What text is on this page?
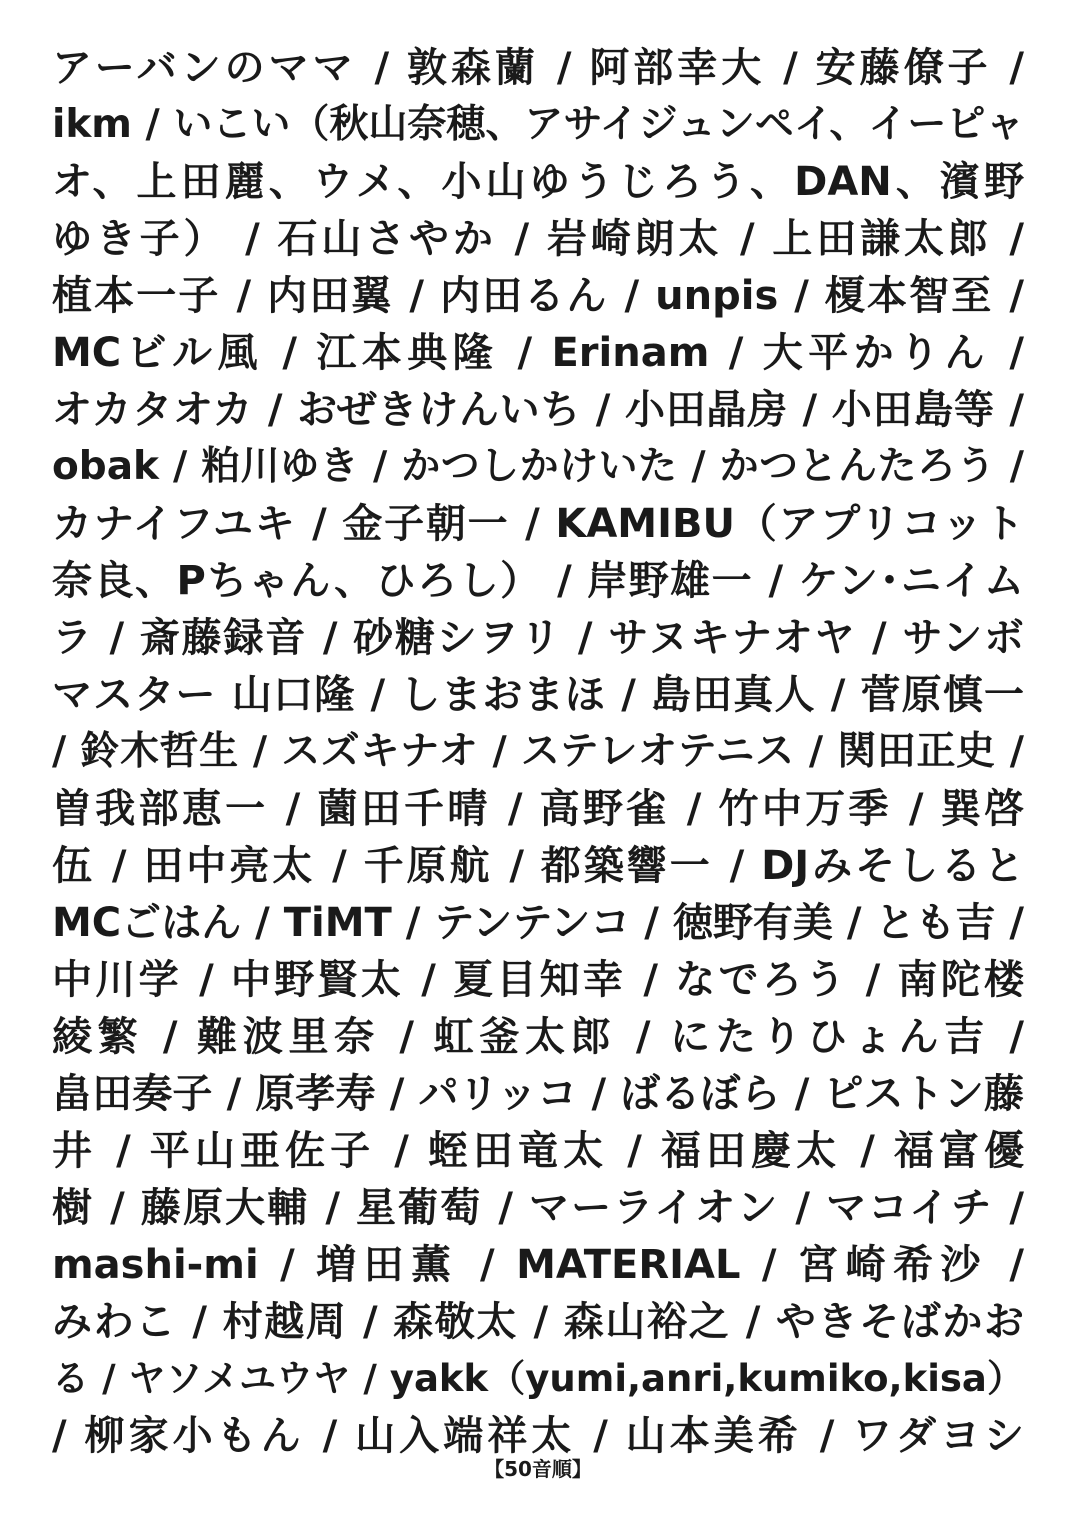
アーバンのママ / 敦森蘭 / 阿部幸大 / 安藤僚子 /
ikm / いこい（秋山奈穂、アサイジュンペイ、イーピャ
オ、上田麗、ウメ、小山ゆうじろう、DAN、濱野
ゆき子） / 石山さやか / 岩崎朗太 / 上田謙太郎 /
植本一子 / 内田翼 / 内田るん / unpis / 榎本智至 /
MCビル風 / 江本典隆 / Erinam / 大平かりん /
オカタオカ / おぜきけんいち / 小田晶房 / 小田島等 /
obak / 粕川ゆき / かつしかけいた / かつとんたろう /
カナイフユキ / 金子朝一 / KAMIBU（アプリコット
奈良、Pちゃん、ひろし） / 岸野雄一 / ケン･ニイム
ラ / 斎藤録音 / 砂糖シヲリ / サヌキナオヤ / サンボ
マスター 山口隆 / しまおまほ / 島田真人 / 菅原慎一
/ 鈴木哲生 / スズキナオ / ステレオテニス / 関田正史 /
曽我部恵一 / 薗田千晴 / 高野雀 / 竹中万季 / 巽啓
伍 / 田中亮太 / 千原航 / 都築響一 / DJみそしると
MCごはん / TiMT / テンテンコ / 徳野有美 / とも吉 /
中川学 / 中野賢太 / 夏目知幸 / なでろう / 南陀楼
綾繁 / 難波里奈 / 虹釜太郎 / にたりひょん吉 /
畠田奏子 / 原孝寿 / パリッコ / ばるぼら / ピストン藤
井 / 平山亜佐子 / 蛭田竜太 / 福田慶太 / 福富優
樹 / 藤原大輔 / 星葡萄 / マーライオン / マコイチ /
mashi-mi / 増田薫 / MATERIAL / 宮崎希沙 /
みわこ / 村越周 / 森敬太 / 森山裕之 / やきそばかお
る / ヤソメユウヤ / yakk（yumi,anri,kumiko,kisa）
/ 柳家小もん / 山入端祥太 / 山本美希 / ワダヨシ
【50音順】
